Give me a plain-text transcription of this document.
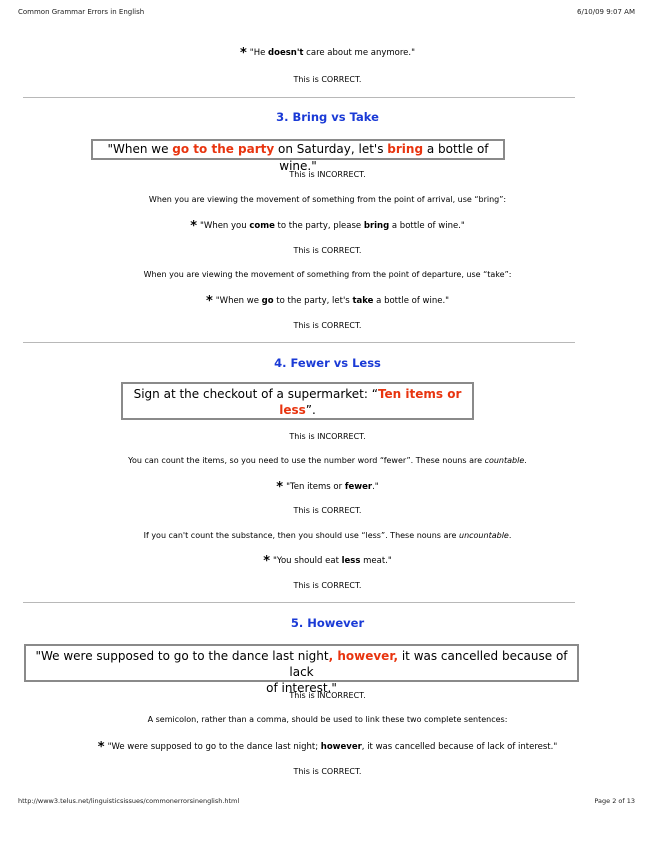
Common Grammar Errors in English	6/10/09 9:07 AM
* "He doesn't care about me anymore."
This is CORRECT.
3. Bring vs Take
"When we go to the party on Saturday, let's bring a bottle of wine."
This is INCORRECT.
When you are viewing the movement of something from the point of arrival, use “bring”:
* "When you come to the party, please bring a bottle of wine."
This is CORRECT.
When you are viewing the movement of something from the point of departure, use “take”:
* "When we go to the party, let's take a bottle of wine."
This is CORRECT.
4. Fewer vs Less
Sign at the checkout of a supermarket: “Ten items or
less”.
This is INCORRECT.
You can count the items, so you need to use the number word “fewer”. These nouns are countable.
* "Ten items or fewer."
This is CORRECT.
If you can't count the substance, then you should use “less”. These nouns are uncountable.
* "You should eat less meat."
This is CORRECT.
5. However
"We were supposed to go to the dance last night, however, it was cancelled because of lack
of interest."
This is INCORRECT.
A semicolon, rather than a comma, should be used to link these two complete sentences:
* "We were supposed to go to the dance last night; however, it was cancelled because of lack of interest."
This is CORRECT.
http://www3.telus.net/linguisticsissues/commonerrorsinenglish.html	Page 2 of 13
